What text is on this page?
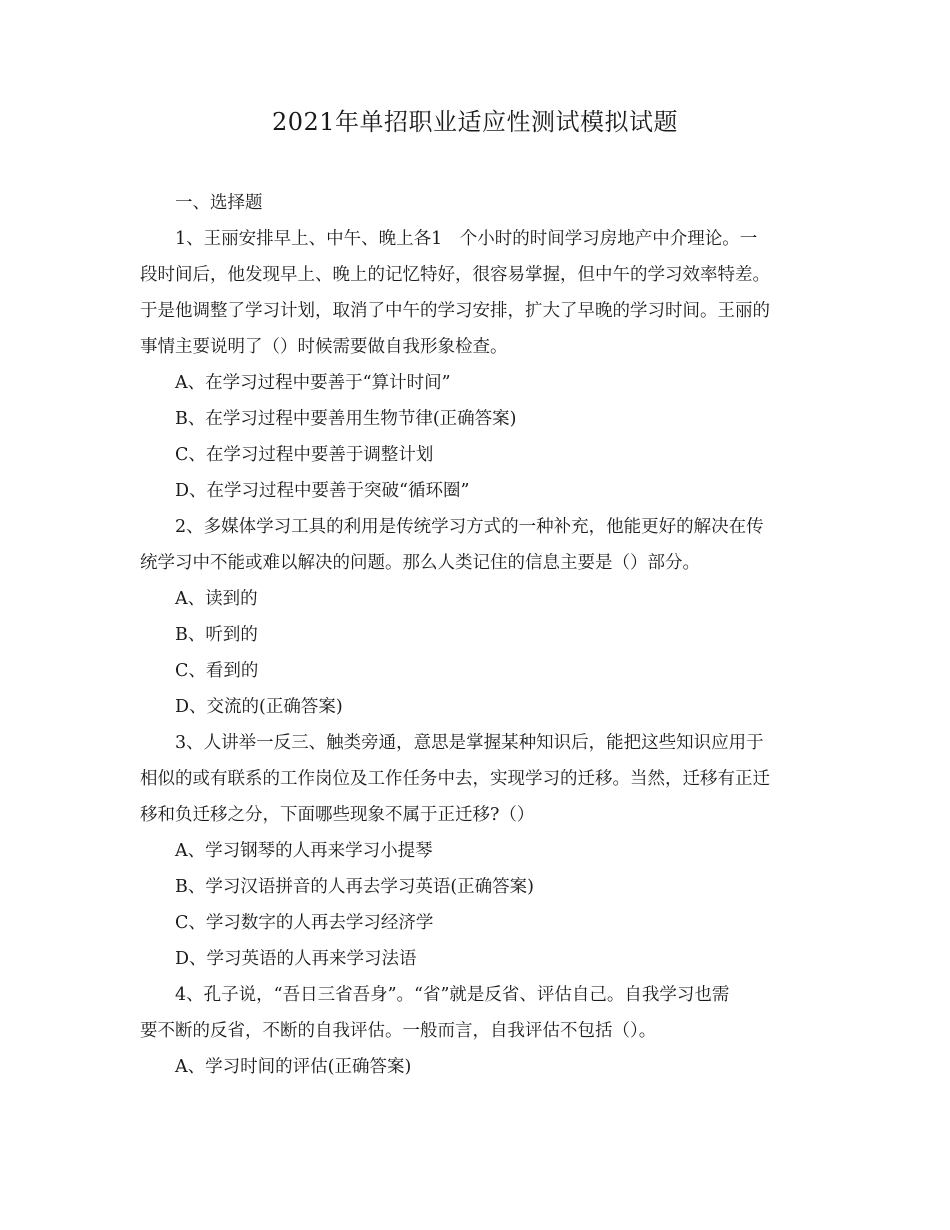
2021年单招职业适应性测试模拟试题
一、选择题
1、王丽安排早上、中午、晚上各1　个小时的时间学习房地产中介理论。一
段时间后，他发现早上、晚上的记忆特好，很容易掌握，但中午的学习效率特差。
于是他调整了学习计划，取消了中午的学习安排，扩大了早晚的学习时间。王丽的
事情主要说明了（）时候需要做自我形象检查。
A、在学习过程中要善于“算计时间”
B、在学习过程中要善用生物节律(正确答案)
C、在学习过程中要善于调整计划
D、在学习过程中要善于突破“循环圈”
2、多媒体学习工具的利用是传统学习方式的一种补充，他能更好的解决在传
统学习中不能或难以解决的问题。那么人类记住的信息主要是（）部分。
A、读到的
B、听到的
C、看到的
D、交流的(正确答案)
3、人讲举一反三、触类旁通，意思是掌握某种知识后，能把这些知识应用于
相似的或有联系的工作岗位及工作任务中去，实现学习的迁移。当然，迁移有正迁
移和负迁移之分，下面哪些现象不属于正迁移?（）
A、学习钢琴的人再来学习小提琴
B、学习汉语拼音的人再去学习英语(正确答案)
C、学习数字的人再去学习经济学
D、学习英语的人再来学习法语
4、孔子说，“吾日三省吾身”。“省”就是反省、评估自己。自我学习也需
要不断的反省，不断的自我评估。一般而言，自我评估不包括（）。
A、学习时间的评估(正确答案)
